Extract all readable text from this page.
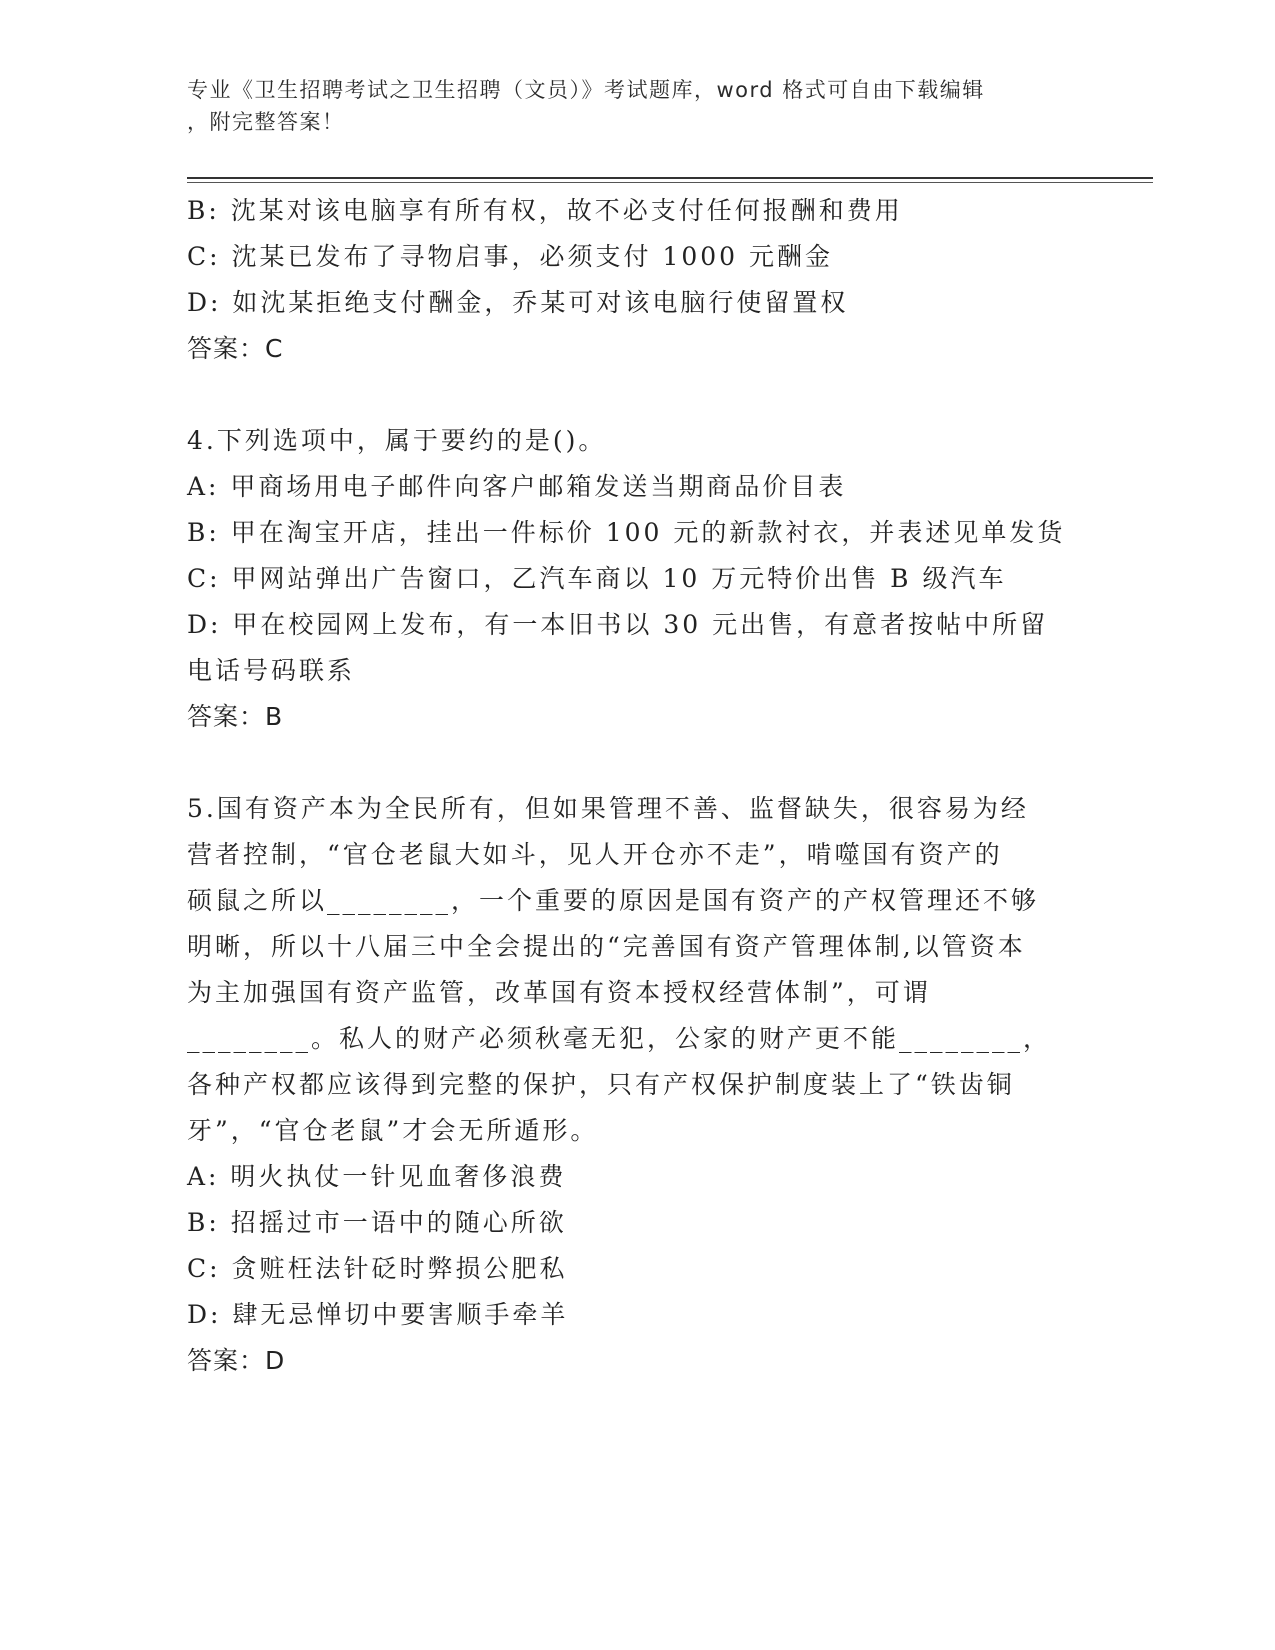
专业《卫生招聘考试之卫生招聘（文员）》考试题库，word 格式可自由下载编辑

，附完整答案！

B: 沈某对该电脑享有所有权，故不必支付任何报酬和费用

C: 沈某已发布了寻物启事，必须支付 1000 元酬金

D: 如沈某拒绝支付酬金，乔某可对该电脑行使留置权

答案：C

4.下列选项中，属于要约的是()。

A: 甲商场用电子邮件向客户邮箱发送当期商品价目表

B: 甲在淘宝开店，挂出一件标价 100 元的新款衬衣，并表述见单发货

C: 甲网站弹出广告窗口，乙汽车商以 10 万元特价出售 B 级汽车

D: 甲在校园网上发布，有一本旧书以 30 元出售，有意者按帖中所留

电话号码联系

答案：B

5.国有资产本为全民所有，但如果管理不善、监督缺失，很容易为经

营者控制，“官仓老鼠大如斗，见人开仓亦不走”，啃噬国有资产的

硕鼠之所以________，一个重要的原因是国有资产的产权管理还不够

明晰，所以十八届三中全会提出的“完善国有资产管理体制,以管资本

为主加强国有资产监管，改革国有资本授权经营体制”，可谓

________。私人的财产必须秋毫无犯，公家的财产更不能________，

各种产权都应该得到完整的保护，只有产权保护制度装上了“铁齿铜

牙”，“官仓老鼠”才会无所遁形。

A: 明火执仗一针见血奢侈浪费

B: 招摇过市一语中的随心所欲

C: 贪赃枉法针砭时弊损公肥私

D: 肆无忌惮切中要害顺手牵羊

答案：D
